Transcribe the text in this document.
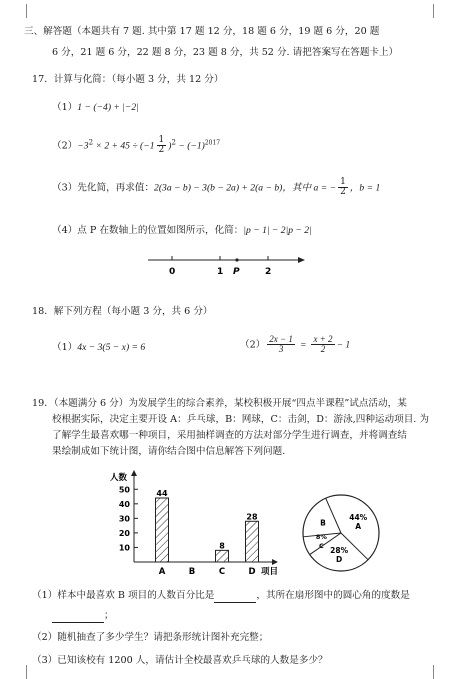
三、解答题（本题共有 7 题. 其中第 17 题 12 分，18 题 6 分，19 题 6 分，20 题
6 分，21 题 6 分，22 题 8 分，23 题 8 分，共 52 分. 请把答案写在答题卡上）
17．计算与化简：（每小题 3 分，共 12 分）
（1）1 − (−4) + |−2|
$(2)-3^2 \times 2 + 45 \div (-1 \frac{1}{2} )^2 - (-1)^{2017}$
（3）先化简，再求值：2(3a − b) − 3(b − 2a) + 2(a − b)，其中 a = − $\frac{1}{2}$ ，b = 1
（4）点 P 在数轴上的位置如图所示，化简：|p − 1| − 2|p − 2|
0	1 P	2
18．解下列方程（每小题 3 分，共 6 分）
（1）4x − 3(5 − x) = 6	$(2) \frac{2x - 1}{3} = \frac{x + 2}{2} - 1$
19．（本题满分 6 分）为发展学生的综合素养，某校积极开展“四点半课程”试点活动，某
校根据实际，决定主要开设 A：乒乓球，B：网球，C：击剑，D：游泳,四种运动项目. 为
了解学生最喜欢哪一种项目，采用抽样调查的方法对部分学生进行调查，并将调查结
果绘制成如下统计图，请你结合图中信息解答下列问题.
人数
10
20
30
40
50	44
A	B
8
C
28
D 项目
44%
A
28%
D
8%
C
B
（1）样本中最喜欢 B 项目的人数百分比是	，其所在扇形图中的圆心角的度数是
；
（2）随机抽查了多少学生？请把条形统计图补充完整；
（3）已知该校有 1200 人，请估计全校最喜欢乒乓球的人数是多少？
